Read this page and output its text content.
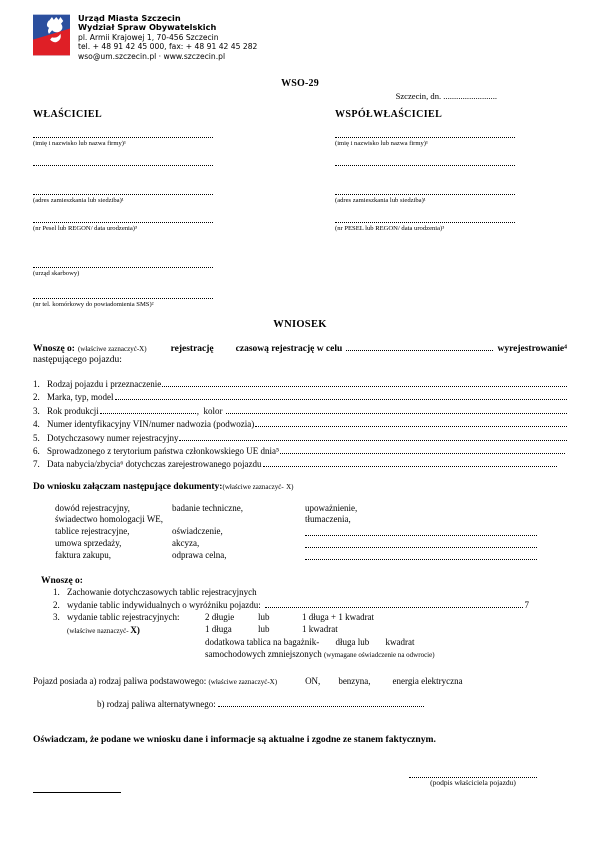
Urząd Miasta Szczecin
Wydział Spraw Obywatelskich
pl. Armii Krajowej 1, 70-456 Szczecin
tel. + 48 91 42 45 000, fax: + 48 91 42 45 282
wso@um.szczecin.pl · www.szczecin.pl
WSO-29
Szczecin, dn. .........................
WŁAŚCICIEL
(imię i nazwisko lub nazwa firmy)¹
(adres zamieszkania lub siedziba)¹
(nr Pesel lub REGON/ data urodzenia)³
(urząd skarbowy)
(nr tel. komórkowy do powiadomienia SMS)²
WSPÓŁWŁAŚCICIEL
(imię i nazwisko lub nazwa firmy)¹
(adres zamieszkania lub siedziba)¹
(nr PESEL lub REGON/ data urodzenia)³
WNIOSEK
Wnoszę o: (właściwe zaznaczyć- X)	rejestrację czasową rejestrację w celu	wyrejestrowanie⁴
następującego pojazdu:
1. Rodzaj pojazdu i przeznaczenie
2. Marka, typ, model
3. Rok produkcji	,  kolor
4. Numer identyfikacyjny VIN/numer nadwozia (podwozia)
5. Dotychczasowy numer rejestracyjny
6. Sprowadzonego z terytorium państwa członkowskiego UE dnia⁵
7. Data nabycia/zbycia⁶ dotychczas zarejestrowanego pojazdu
Do wniosku załączam następujące dokumenty:(właściwe zaznaczyć- X)
dowód rejestracyjny,	badanie techniczne,	upoważnienie,
świadectwo homologacji WE,	tłumaczenia,
tablice rejestracyjne,	oświadczenie,
umowa sprzedaży,	akcyza,
faktura zakupu,	odprawa celna,
Wnoszę o:
1. Zachowanie dotychczasowych tablic rejestracyjnych
2. wydanie tablic indywidualnych o wyróżniku pojazdu:	7
3. wydanie tablic rejestracyjnych:
(właściwe naznaczyć- X)
2 długie	lub	1 długa + 1 kwadrat
1 długa	lub	1 kwadrat
dodatkowa tablica na bagażnik- długa lub kwadrat
samochodowych zmniejszonych (wymagane oświadczenie na odwrocie)
Pojazd posiada a) rodzaj paliwa podstawowego: (właściwe zaznaczyć- X)	ON, benzyna, energia elektryczna
b) rodzaj paliwa alternatywnego:
Oświadczam, że podane we wniosku dane i informacje są aktualne i zgodne ze stanem faktycznym.
(podpis właściciela pojazdu)
